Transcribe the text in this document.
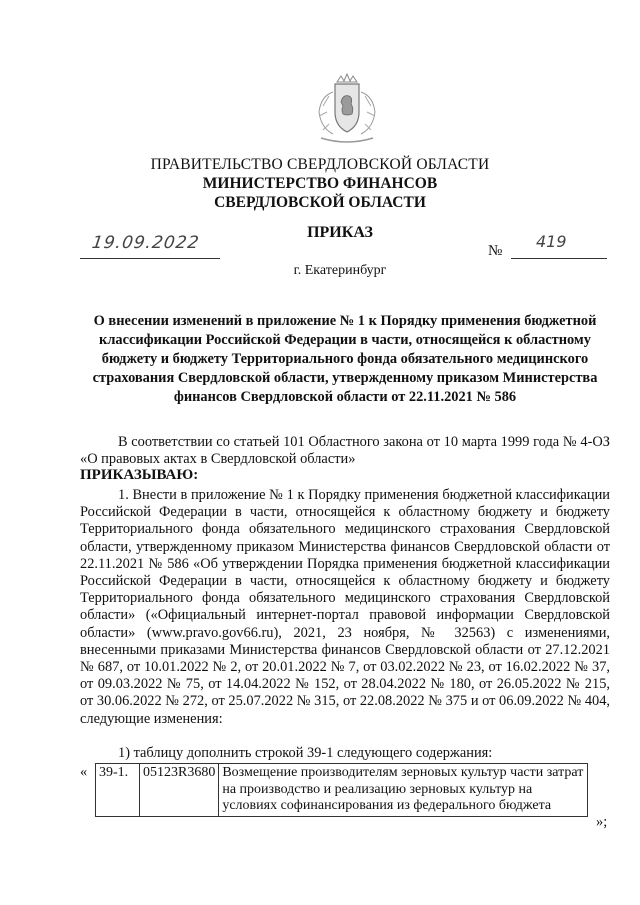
ПРАВИТЕЛЬСТВО СВЕРДЛОВСКОЙ ОБЛАСТИ
МИНИСТЕРСТВО ФИНАНСОВ
СВЕРДЛОВСКОЙ ОБЛАСТИ
ПРИКАЗ
19.09.2022	№ 419
г. Екатеринбург
О внесении изменений в приложение № 1 к Порядку применения бюджетной классификации Российской Федерации в части, относящейся к областному бюджету и бюджету Территориального фонда обязательного медицинского страхования Свердловской области, утвержденному приказом Министерства финансов Свердловской области от 22.11.2021 № 586
В соответствии со статьей 101 Областного закона от 10 марта 1999 года № 4-ОЗ «О правовых актах в Свердловской области»
ПРИКАЗЫВАЮ:
1. Внести в приложение № 1 к Порядку применения бюджетной классификации Российской Федерации в части, относящейся к областному бюджету и бюджету Территориального фонда обязательного медицинского страхования Свердловской области, утвержденному приказом Министерства финансов Свердловской области от 22.11.2021 № 586 «Об утверждении Порядка применения бюджетной классификации Российской Федерации в части, относящейся к областному бюджету и бюджету Территориального фонда обязательного медицинского страхования Свердловской области» («Официальный интернет-портал правовой информации Свердловской области» (www.pravo.gov66.ru), 2021, 23 ноября, № 32563) с изменениями, внесенными приказами Министерства финансов Свердловской области от 27.12.2021 № 687, от 10.01.2022 № 2, от 20.01.2022 № 7, от 03.02.2022 № 23, от 16.02.2022 № 37, от 09.03.2022 № 75, от 14.04.2022 № 152, от 28.04.2022 № 180, от 26.05.2022 № 215, от 30.06.2022 № 272, от 25.07.2022 № 315, от 22.08.2022 № 375 и от 06.09.2022 № 404, следующие изменения:
1) таблицу дополнить строкой 39-1 следующего содержания:
« 39-1.	05123R3680	Возмещение производителям зерновых культур части затрат на производство и реализацию зерновых культур на условиях софинансирования из федерального бюджета
»;
